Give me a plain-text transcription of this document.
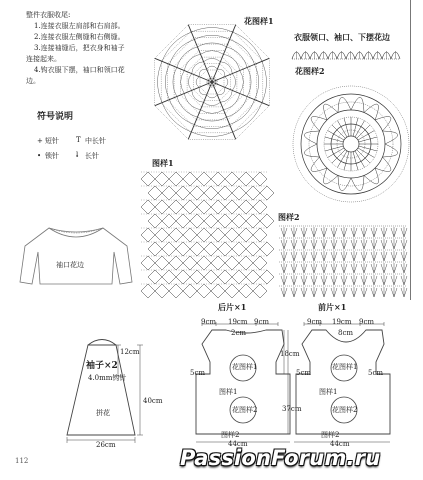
整件衣服收尾:
1.连接衣服左肩部和右肩部。
2.连接衣服左侧缝和右侧缝。
3.连接袖缝后，把衣身和袖子
连接起来。
4.钩衣服下摆，袖口和领口花
边。
符号说明
+ 短针 T 中长针
• 锁针 ƚ 长针
花图样1
衣服领口、袖口、下摆花边
花图样2
图样1
图样2
袖口花边
12cm
袖子×2
4.0mm钩针
40cm
拼花
26cm
后片×1
9cm 19cm 9cm
2cm
18cm
5cm
37cm
花图样1
花图样2
图样1
图样2
44cm
前片×1
9cm 19cm 9cm
8cm
5cm	5cm
花图样1
花图样2
图样1
图样2
44cm
112	PassionForum.ru
